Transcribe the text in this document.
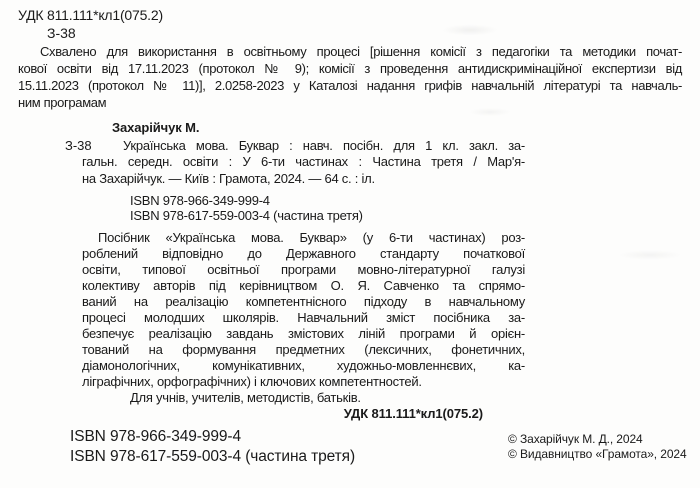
УДК 811.111*кл1(075.2)
З-38
Схвалено для використання в освітньому процесі [рішення комісії з педагогіки та методики почат-
кової освіти від 17.11.2023 (протокол № 9); комісії з проведення антидискримінаційної експертизи від
15.11.2023 (протокол № 11)], 2.0258-2023 у Каталозі надання грифів навчальній літературі та навчаль-
ним програмам
Захарійчук М.
З-38	Українська мова. Буквар : навч. посібн. для 1 кл. закл. за-
гальн. середн. освіти : У 6-ти частинах : Частина третя / Мар'я-
на Захарійчук. — Київ : Грамота, 2024. — 64 с. : іл.
ISBN 978-966-349-999-4
ISBN 978-617-559-003-4 (частина третя)
Посібник «Українська мова. Буквар» (у 6-ти частинах) роз-
роблений відповідно до Державного стандарту початкової
освіти, типової освітньої програми мовно-літературної галузі
колективу авторів під керівництвом О. Я. Савченко та спрямо-
ваний на реалізацію компетентнісного підходу в навчальному
процесі молодших школярів. Навчальний зміст посібника за-
безпечує реалізацію завдань змістових ліній програми й орієн-
тований на формування предметних (лексичних, фонетичних,
діамонологічних, комунікативних, художньо-мовленнєвих, ка-
ліграфічних, орфографічних) і ключових компетентностей.
Для учнів, учителів, методистів, батьків.
УДК 811.111*кл1(075.2)
ISBN 978-966-349-999-4
ISBN 978-617-559-003-4 (частина третя)
© Захарійчук М. Д., 2024
© Видавництво «Грамота», 2024
